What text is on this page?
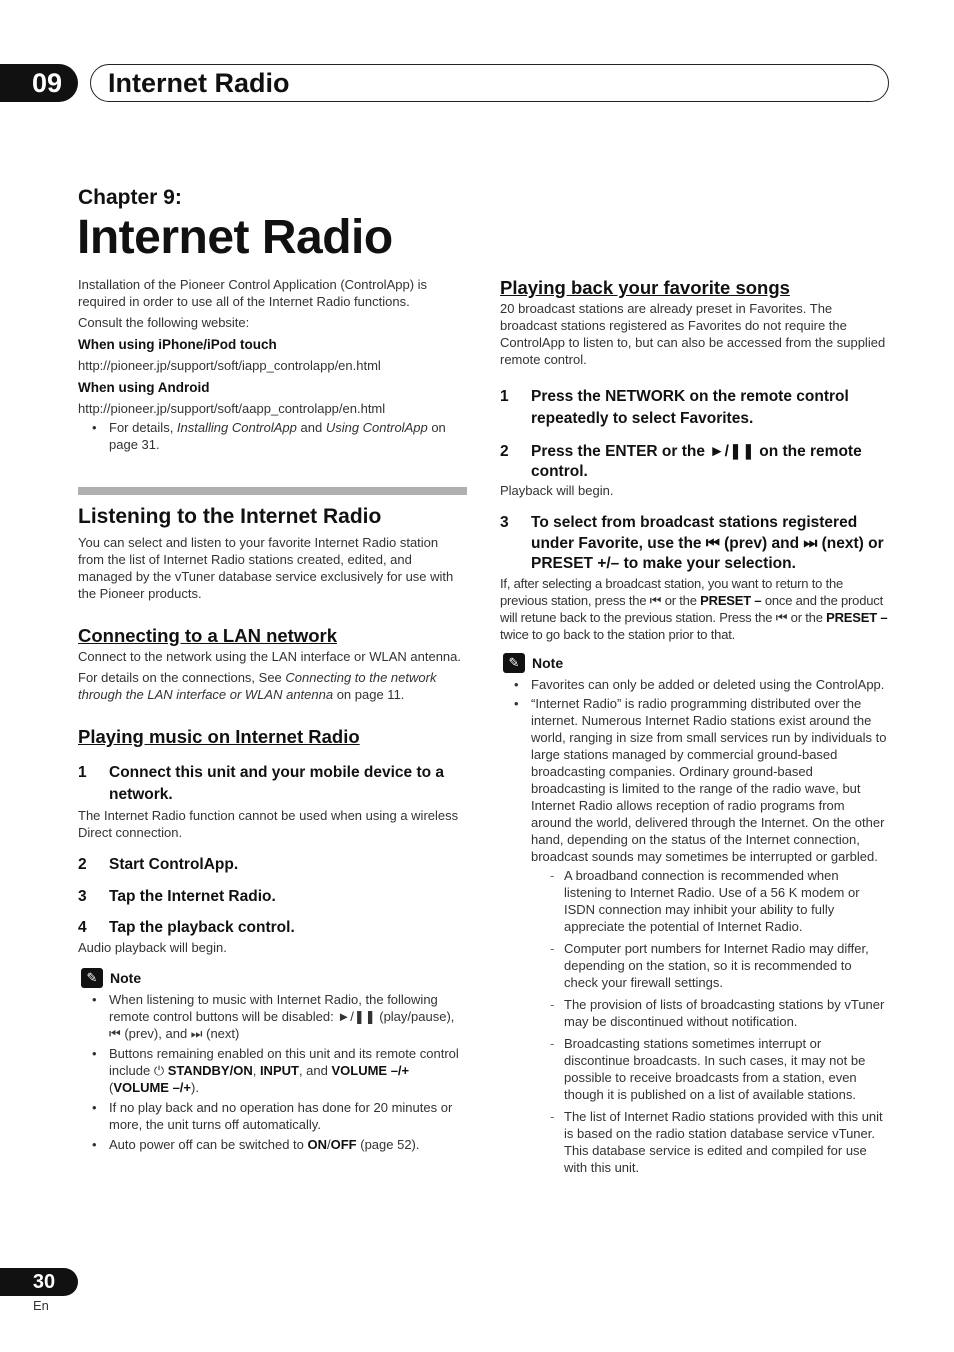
09	Internet Radio
Chapter 9:
Internet Radio

Installation of the Pioneer Control Application (ControlApp) is required in order to use all of the Internet Radio functions.

Consult the following website:

When using iPhone/iPod touch

http://pioneer.jp/support/soft/iapp_controlapp/en.html

When using Android

http://pioneer.jp/support/soft/aapp_controlapp/en.html

• For details, Installing ControlApp and Using ControlApp on page 31.
Listening to the Internet Radio

You can select and listen to your favorite Internet Radio station from the list of Internet Radio stations created, edited, and managed by the vTuner database service exclusively for use with the Pioneer products.

Connecting to a LAN network

Connect to the network using the LAN interface or WLAN antenna.

For details on the connections, See Connecting to the network through the LAN interface or WLAN antenna on page 11.

Playing music on Internet Radio
1 Connect this unit and your mobile device to a network.

The Internet Radio function cannot be used when using a wireless Direct connection.

2 Start ControlApp.
3 Tap the Internet Radio.
4 Tap the playback control.

Audio playback will begin.

✎ Note
• When listening to music with Internet Radio, the following remote control buttons will be disabled: ►/❚❚ (play/pause), ⏮ (prev), and ⏭ (next)
• Buttons remaining enabled on this unit and its remote control include ⏻ STANDBY/ON, INPUT, and VOLUME –/+ (VOLUME –/+).
• If no play back and no operation has done for 20 minutes or more, the unit turns off automatically.
• Auto power off can be switched to ON/OFF (page 52).
Playing back your favorite songs

20 broadcast stations are already preset in Favorites. The broadcast stations registered as Favorites do not require the ControlApp to listen to, but can also be accessed from the supplied remote control.

1 Press the NETWORK on the remote control repeatedly to select Favorites.
2 Press the ENTER or the ►/❚❚ on the remote control.

Playback will begin.

3 To select from broadcast stations registered under Favorite, use the ⏮ (prev) and ⏭ (next) or PRESET +/– to make your selection.

If, after selecting a broadcast station, you want to return to the previous station, press the ⏮ or the PRESET – once and the product will retune back to the previous station. Press the ⏮ or the PRESET – twice to go back to the station prior to that.

✎ Note
• Favorites can only be added or deleted using the ControlApp.
• “Internet Radio” is radio programming distributed over the internet. Numerous Internet Radio stations exist around the world, ranging in size from small services run by individuals to large stations managed by commercial ground-based broadcasting companies. Ordinary ground-based broadcasting is limited to the range of the radio wave, but Internet Radio allows reception of radio programs from around the world, delivered through the Internet. On the other hand, depending on the status of the Internet connection, broadcast sounds may sometimes be interrupted or garbled.
- A broadband connection is recommended when listening to Internet Radio. Use of a 56 K modem or ISDN connection may inhibit your ability to fully appreciate the potential of Internet Radio.
- Computer port numbers for Internet Radio may differ, depending on the station, so it is recommended to check your firewall settings.
- The provision of lists of broadcasting stations by vTuner may be discontinued without notification.
- Broadcasting stations sometimes interrupt or discontinue broadcasts. In such cases, it may not be possible to receive broadcasts from a station, even though it is published on a list of available stations.
- The list of Internet Radio stations provided with this unit is based on the radio station database service vTuner. This database service is edited and compiled for use with this unit.
30
En
